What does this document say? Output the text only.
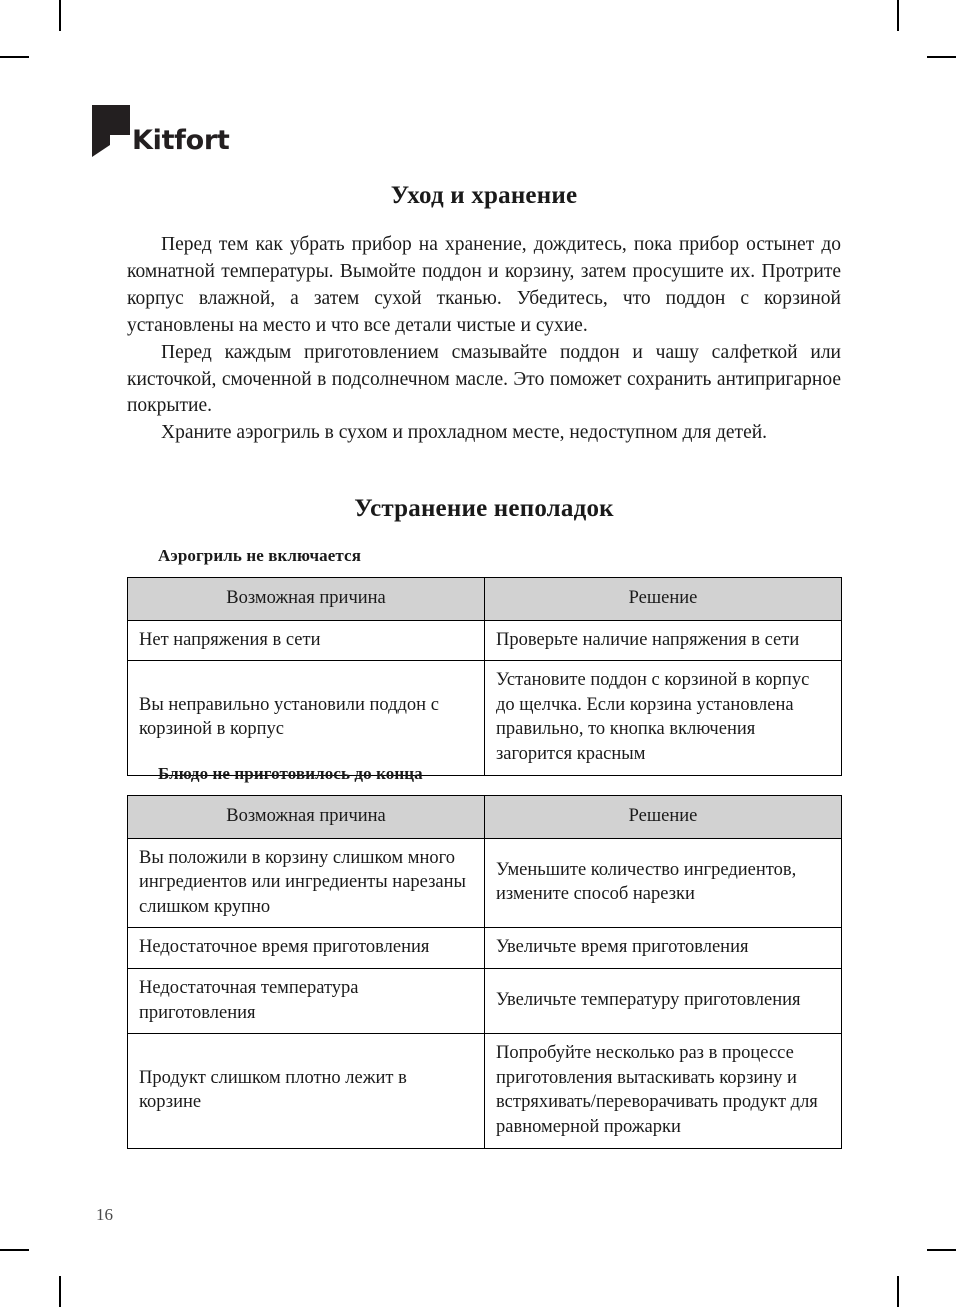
Kitfort
Уход и хранение

Перед тем как убрать прибор на хранение, дождитесь, пока прибор остынет до комнатной температуры. Вымойте поддон и корзину, затем просушите их. Протрите корпус влажной, а затем сухой тканью. Убедитесь, что поддон с корзиной установлены на место и что все детали чистые и сухие.

Перед каждым приготовлением смазывайте поддон и чашу салфеткой или кисточкой, смоченной в подсолнечном масле. Это поможет сохранить антипригарное покрытие.

Храните аэрогриль в сухом и прохладном месте, недоступном для детей.

Устранение неполадок
Аэрогриль не включается
Возможная причина	Решение
Нет напряжения в сети	Проверьте наличие напряжения в сети
Вы неправильно установили поддон с корзиной в корпус	Установите поддон с корзиной в корпус до щелчка. Если корзина установлена правильно, то кнопка включения загорится красным
Блюдо не приготовилось до конца
Возможная причина	Решение
Вы положили в корзину слишком много ингредиентов или ингредиенты нарезаны слишком крупно	Уменьшите количество ингредиентов, измените способ нарезки
Недостаточное время приготовления	Увеличьте время приготовления
Недостаточная температура приготовления	Увеличьте температуру приготовления
Продукт слишком плотно лежит в корзине	Попробуйте несколько раз в процессе приготовления вытаскивать корзину и встряхивать/переворачивать продукт для равномерной прожарки
16
